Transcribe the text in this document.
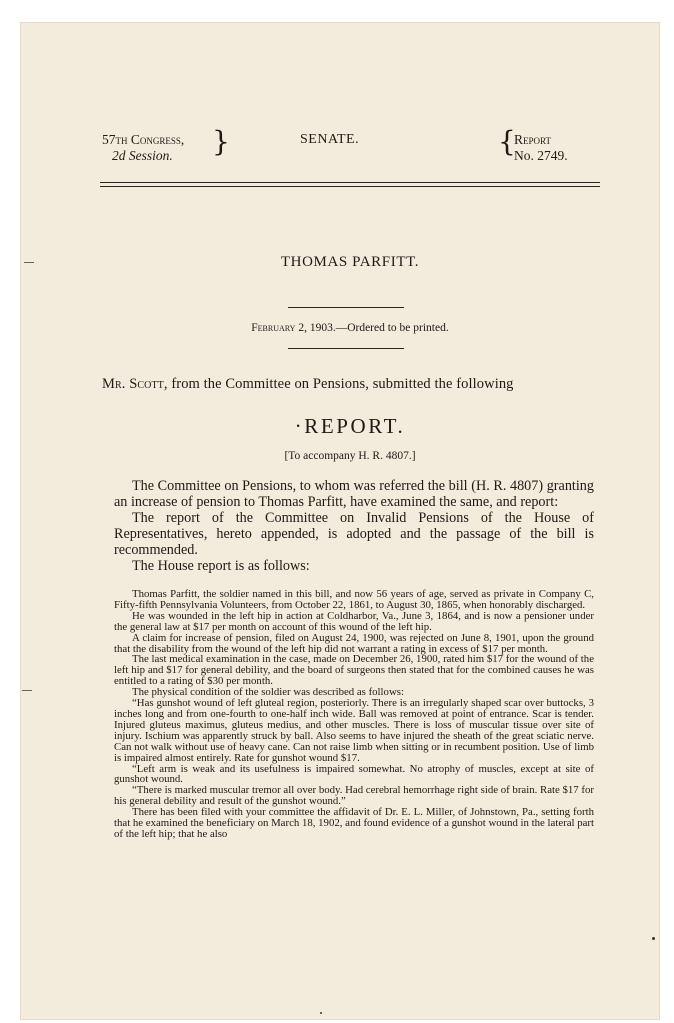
57th Congress,
2d Session. }	SENATE.	{
Report
No. 2749.
THOMAS PARFITT.
February 2, 1903.—Ordered to be printed.
Mr. Scott, from the Committee on Pensions, submitted the following
·REPORT.
[To accompany H. R. 4807.]

The Committee on Pensions, to whom was referred the bill (H. R. 4807) granting an increase of pension to Thomas Parfitt, have examined the same, and report:

The report of the Committee on Invalid Pensions of the House of Representatives, hereto appended, is adopted and the passage of the bill is recommended.

The House report is as follows:

Thomas Parfitt, the soldier named in this bill, and now 56 years of age, served as private in Company C, Fifty-fifth Pennsylvania Volunteers, from October 22, 1861, to August 30, 1865, when honorably discharged.

He was wounded in the left hip in action at Coldharbor, Va., June 3, 1864, and is now a pensioner under the general law at $17 per month on account of this wound of the left hip.

A claim for increase of pension, filed on August 24, 1900, was rejected on June 8, 1901, upon the ground that the disability from the wound of the left hip did not warrant a rating in excess of $17 per month.

The last medical examination in the case, made on December 26, 1900, rated him $17 for the wound of the left hip and $17 for general debility, and the board of surgeons then stated that for the combined causes he was entitled to a rating of $30 per month.

The physical condition of the soldier was described as follows:

“Has gunshot wound of left gluteal region, posteriorly. There is an irregularly shaped scar over buttocks, 3 inches long and from one-fourth to one-half inch wide. Ball was removed at point of entrance. Scar is tender. Injured gluteus maximus, gluteus medius, and other muscles. There is loss of muscular tissue over site of injury. Ischium was apparently struck by ball. Also seems to have injured the sheath of the great sciatic nerve. Can not walk without use of heavy cane. Can not raise limb when sitting or in recumbent position. Use of limb is impaired almost entirely. Rate for gunshot wound $17.

“Left arm is weak and its usefulness is impaired somewhat. No atrophy of muscles, except at site of gunshot wound.

“There is marked muscular tremor all over body. Had cerebral hemorrhage right side of brain. Rate $17 for his general debility and result of the gunshot wound.”

There has been filed with your committee the affidavit of Dr. E. L. Miller, of Johnstown, Pa., setting forth that he examined the beneficiary on March 18, 1902, and found evidence of a gunshot wound in the lateral part of the left hip; that he also
